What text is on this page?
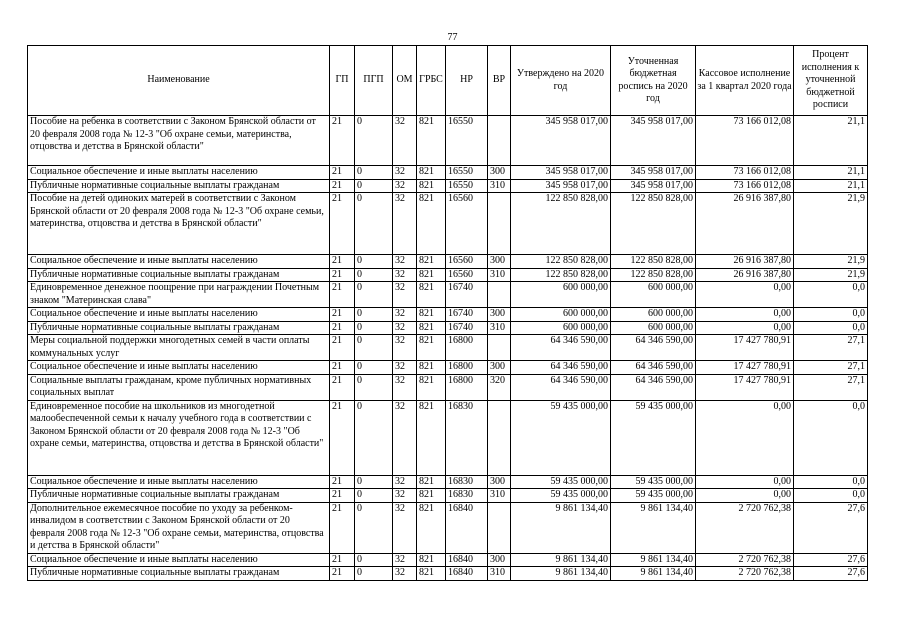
77
Наименование	ГП	ПГП	ОМ	ГРБС	НР	ВР	Утверждено на 2020 год	Уточненная бюджетная роспись на 2020 год	Кассовое исполнение за 1 квартал 2020 года	Процент исполнения к уточненной бюджетной росписи
Пособие на ребенка в соответствии с Законом Брянской области от 20 февраля 2008 года № 12-3 "Об охране семьи, материнства, отцовства и детства в Брянской области"	21	0	32	821	16550		345 958 017,00	345 958 017,00	73 166 012,08	21,1
Социальное обеспечение и иные выплаты населению	21	0	32	821	16550	300	345 958 017,00	345 958 017,00	73 166 012,08	21,1
Публичные нормативные социальные выплаты гражданам	21	0	32	821	16550	310	345 958 017,00	345 958 017,00	73 166 012,08	21,1
Пособие на детей одиноких матерей в соответствии с Законом Брянской области от 20 февраля 2008 года № 12-3 "Об охране семьи, материнства, отцовства и детства в Брянской области"	21	0	32	821	16560		122 850 828,00	122 850 828,00	26 916 387,80	21,9
Социальное обеспечение и иные выплаты населению	21	0	32	821	16560	300	122 850 828,00	122 850 828,00	26 916 387,80	21,9
Публичные нормативные социальные выплаты гражданам	21	0	32	821	16560	310	122 850 828,00	122 850 828,00	26 916 387,80	21,9
Единовременное денежное поощрение при награждении Почетным знаком "Материнская слава"	21	0	32	821	16740		600 000,00	600 000,00	0,00	0,0
Социальное обеспечение и иные выплаты населению	21	0	32	821	16740	300	600 000,00	600 000,00	0,00	0,0
Публичные нормативные социальные выплаты гражданам	21	0	32	821	16740	310	600 000,00	600 000,00	0,00	0,0
Меры социальной поддержки многодетных семей в части оплаты коммунальных услуг	21	0	32	821	16800		64 346 590,00	64 346 590,00	17 427 780,91	27,1
Социальное обеспечение и иные выплаты населению	21	0	32	821	16800	300	64 346 590,00	64 346 590,00	17 427 780,91	27,1
Социальные выплаты гражданам, кроме публичных нормативных социальных выплат	21	0	32	821	16800	320	64 346 590,00	64 346 590,00	17 427 780,91	27,1
Единовременное пособие на школьников из многодетной малообеспеченной семьи к началу учебного года в соответствии с Законом Брянской области от 20 февраля 2008 года № 12-3 "Об охране семьи, материнства, отцовства и детства в Брянской области"	21	0	32	821	16830		59 435 000,00	59 435 000,00	0,00	0,0
Социальное обеспечение и иные выплаты населению	21	0	32	821	16830	300	59 435 000,00	59 435 000,00	0,00	0,0
Публичные нормативные социальные выплаты гражданам	21	0	32	821	16830	310	59 435 000,00	59 435 000,00	0,00	0,0
Дополнительное ежемесячное пособие по уходу за ребенком-инвалидом в соответствии с Законом Брянской области от 20 февраля 2008 года № 12-3 "Об охране семьи, материнства, отцовства и детства в Брянской области"	21	0	32	821	16840		9 861 134,40	9 861 134,40	2 720 762,38	27,6
Социальное обеспечение и иные выплаты населению	21	0	32	821	16840	300	9 861 134,40	9 861 134,40	2 720 762,38	27,6
Публичные нормативные социальные выплаты гражданам	21	0	32	821	16840	310	9 861 134,40	9 861 134,40	2 720 762,38	27,6
